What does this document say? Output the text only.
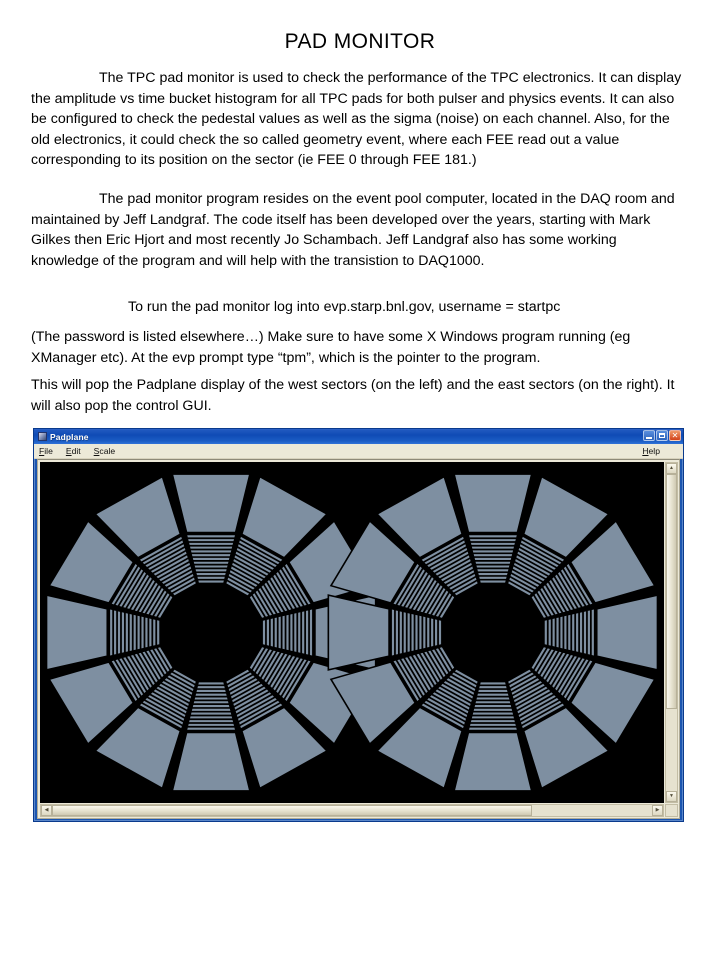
PAD MONITOR

The TPC pad monitor is used to check the performance of the TPC electronics. It can display the amplitude vs time bucket histogram for all TPC pads for both pulser and physics events. It can also be configured to check the pedestal values as well as the sigma (noise) on each channel. Also, for the old electronics, it could check the so called geometry event, where each FEE read out a value corresponding to its position on the sector (ie FEE 0 through FEE 181.)

The pad monitor program resides on the event pool computer, located in the DAQ room and maintained by Jeff Landgraf. The code itself has been developed over the years, starting with Mark Gilkes then Eric Hjort and most recently Jo Schambach. Jeff Landgraf also has some working knowledge of the program and will help with the transistion to DAQ1000.

To run the pad monitor log into evp.starp.bnl.gov, username = startpc

(The password is listed elsewhere…) Make sure to have some X Windows program running (eg XManager etc). At the evp prompt type “tpm”, which is the pointer to the program.

This will pop the Padplane display of the west sectors (on the left) and the east sectors (on the right). It will also pop the control GUI.

Padplane	✕
File	Edit	Scale	Help
▲
▼
◀	▶
